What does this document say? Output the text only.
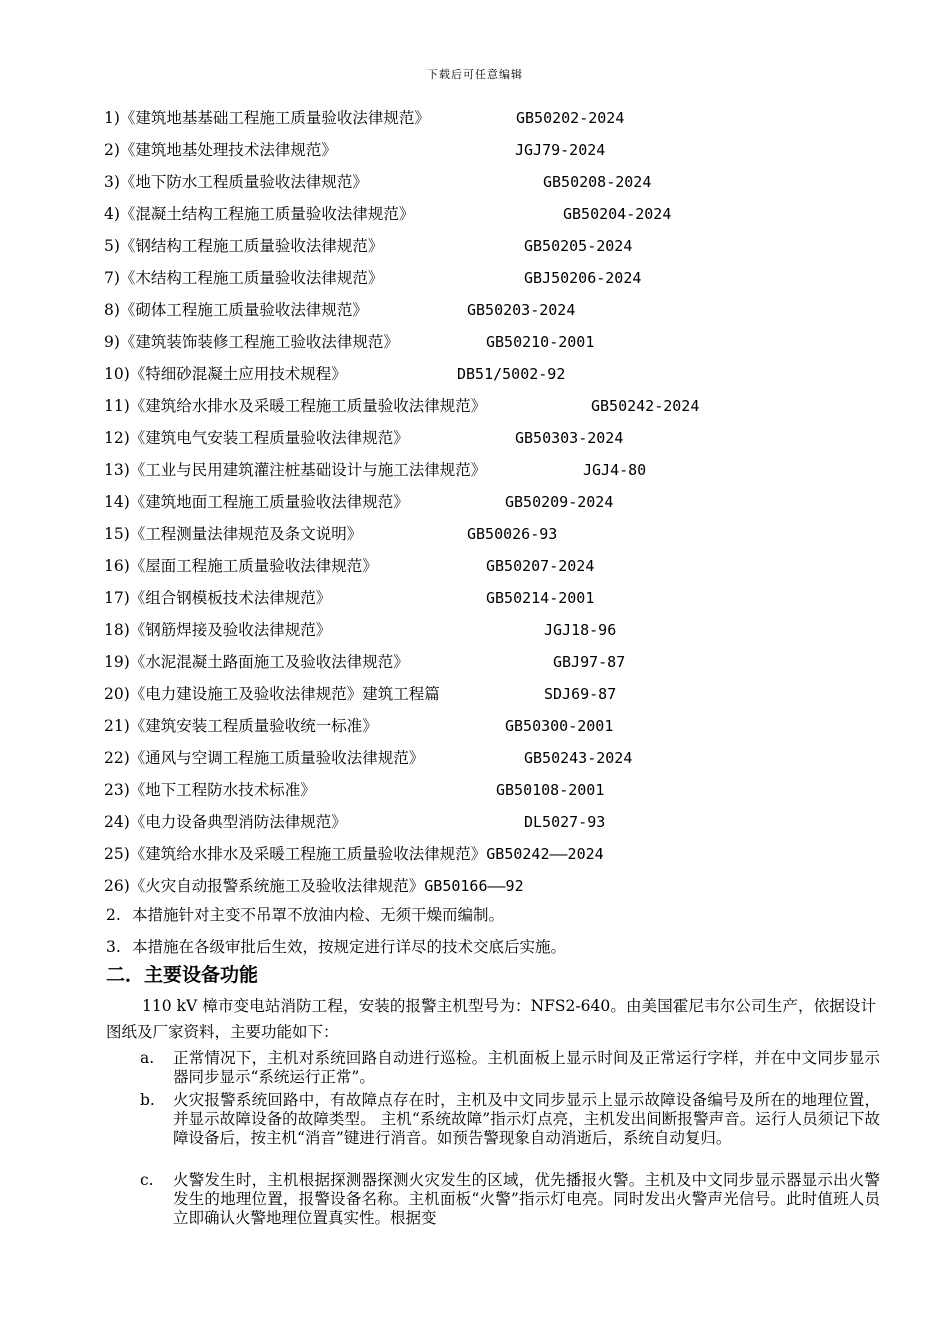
下载后可任意编辑
1)《建筑地基基础工程施工质量验收法律规范》	GB50202-2024
2)《建筑地基处理技术法律规范》	JGJ79-2024
3)《地下防水工程质量验收法律规范》	GB50208-2024
4)《混凝土结构工程施工质量验收法律规范》	GB50204-2024
5)《钢结构工程施工质量验收法律规范》	GB50205-2024
7)《木结构工程施工质量验收法律规范》	GBJ50206-2024
8)《砌体工程施工质量验收法律规范》	GB50203-2024
9)《建筑装饰装修工程施工验收法律规范》	GB50210-2001
10)《特细砂混凝土应用技术规程》	DB51/5002-92
11)《建筑给水排水及采暖工程施工质量验收法律规范》	GB50242-2024
12)《建筑电气安装工程质量验收法律规范》	GB50303-2024
13)《工业与民用建筑灌注桩基础设计与施工法律规范》	JGJ4-80
14)《建筑地面工程施工质量验收法律规范》	GB50209-2024
15)《工程测量法律规范及条文说明》	GB50026-93
16)《屋面工程施工质量验收法律规范》	GB50207-2024
17)《组合钢模板技术法律规范》	GB50214-2001
18)《钢筋焊接及验收法律规范》	JGJ18-96
19)《水泥混凝土路面施工及验收法律规范》	GBJ97-87
20)《电力建设施工及验收法律规范》建筑工程篇	SDJ69-87
21)《建筑安装工程质量验收统一标准》	GB50300-2001
22)《通风与空调工程施工质量验收法律规范》	GB50243-2024
23)《地下工程防水技术标准》	GB50108-2001
24)《电力设备典型消防法律规范》	DL5027-93
25)《建筑给水排水及采暖工程施工质量验收法律规范》GB50242——2024
26)《火灾自动报警系统施工及验收法律规范》GB50166——92
2. 本措施针对主变不吊罩不放油内检、无须干燥而编制。
3. 本措施在各级审批后生效，按规定进行详尽的技术交底后实施。
二．主要设备功能
110 kV 樟市变电站消防工程，安装的报警主机型号为：NFS2-640。由美国霍尼韦尔公司生产，依据设计图纸及厂家资料，主要功能如下：
a.	正常情况下，主机对系统回路自动进行巡检。主机面板上显示时间及正常运行字样，并在中文同步显示器同步显示“系统运行正常”。
b.	火灾报警系统回路中，有故障点存在时，主机及中文同步显示上显示故障设备编号及所在的地理位置，并显示故障设备的故障类型。 主机“系统故障”指示灯点亮，主机发出间断报警声音。运行人员须记下故障设备后，按主机“消音”键进行消音。如预告警现象自动消逝后，系统自动复归。
c.	火警发生时，主机根据探测器探测火灾发生的区域，优先播报火警。主机及中文同步显示器显示出火警发生的地理位置，报警设备名称。主机面板“火警”指示灯电亮。同时发出火警声光信号。此时值班人员立即确认火警地理位置真实性。根据变
